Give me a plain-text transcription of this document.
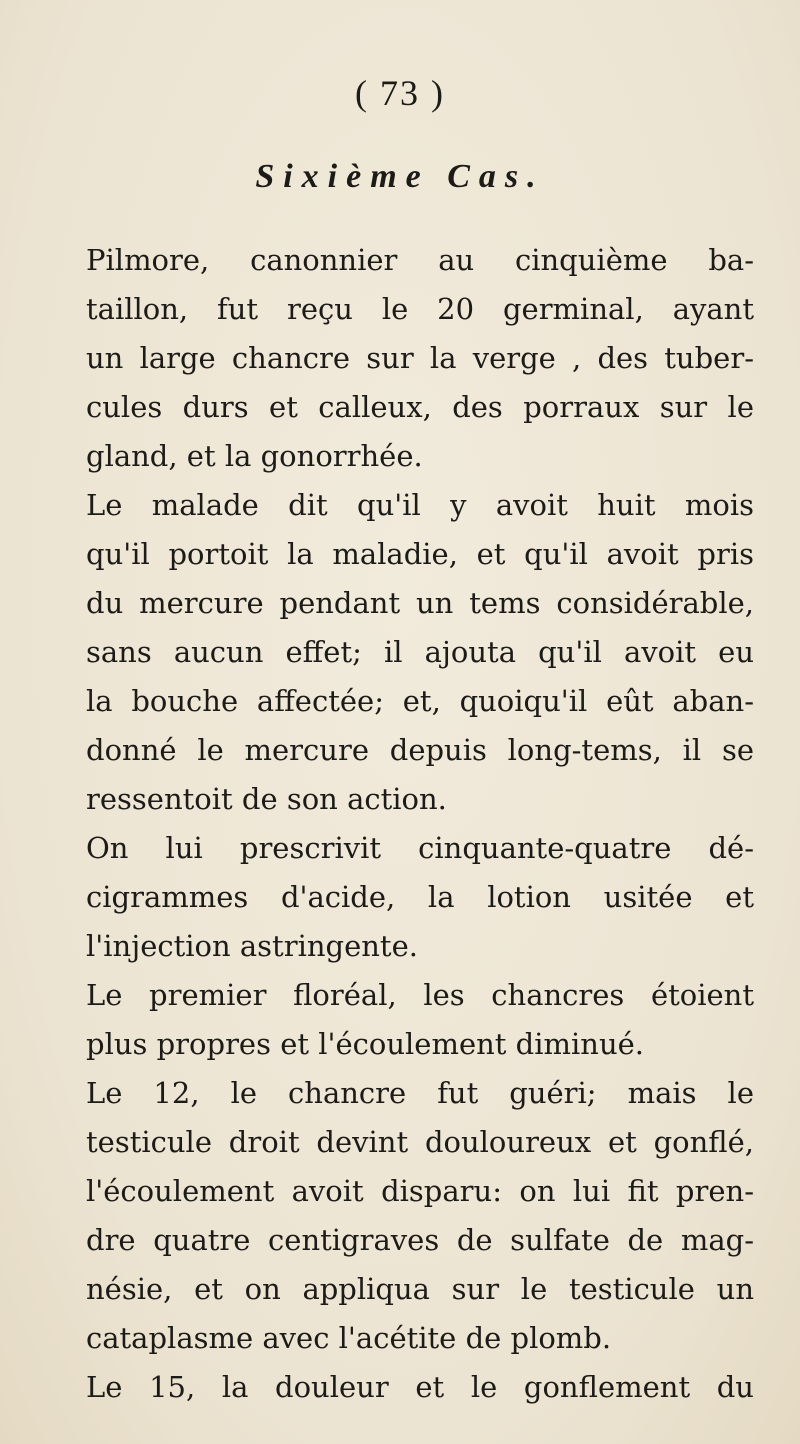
( 73 )
Sixième Cas.
Pilmore, canonnier au cinquième ba-
taillon, fut reçu le 20 germinal, ayant
un large chancre sur la verge , des tuber-
cules durs et calleux, des porraux sur le
gland, et la gonorrhée.
Le malade dit qu'il y avoit huit mois
qu'il portoit la maladie, et qu'il avoit pris
du mercure pendant un tems considérable,
sans aucun effet; il ajouta qu'il avoit eu
la bouche affectée; et, quoiqu'il eût aban-
donné le mercure depuis long-tems, il se
ressentoit de son action.
On lui prescrivit cinquante-quatre dé-
cigrammes d'acide, la lotion usitée et
l'injection astringente.
Le premier floréal, les chancres étoient
plus propres et l'écoulement diminué.
Le 12, le chancre fut guéri; mais le
testicule droit devint douloureux et gonflé,
l'écoulement avoit disparu: on lui fit pren-
dre quatre centigraves de sulfate de mag-
nésie, et on appliqua sur le testicule un
cataplasme avec l'acétite de plomb.
Le 15, la douleur et le gonflement du
